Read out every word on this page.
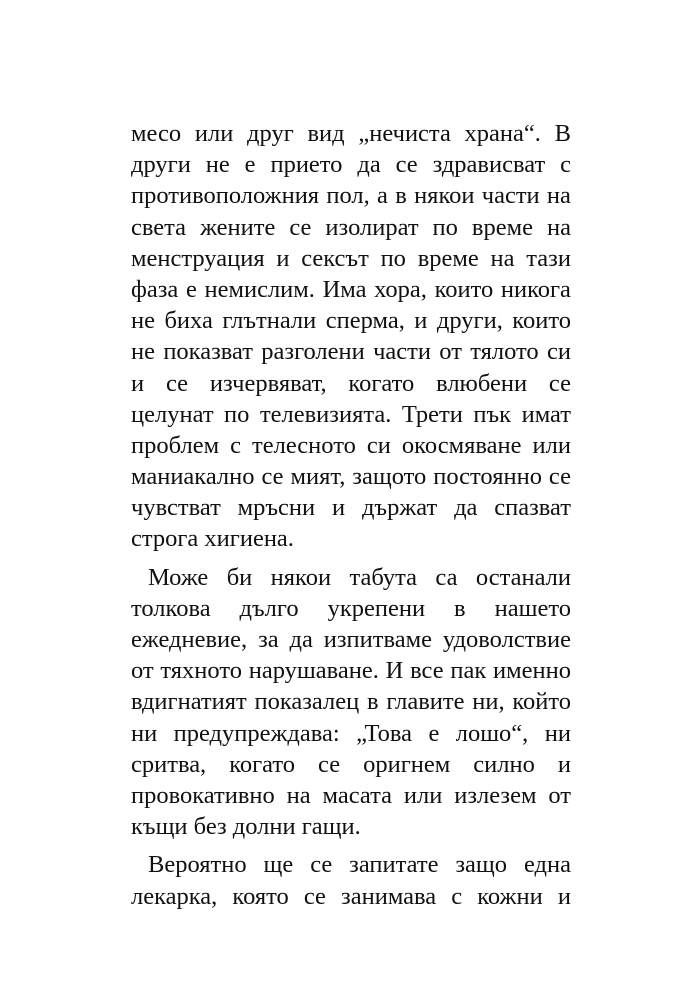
месо или друг вид „нечиста храна“. В
други не е прието да се здрависват с
противоположния пол, а в някои части на
света жените се изолират по време на
менструация и сексът по време на тази
фаза е немислим. Има хора, които никога
не биха глътнали сперма, и други, които
не показват разголени части от тялото си
и се изчервяват, когато влюбени се
целунат по телевизията. Трети пък имат
проблем с телесното си окосмяване или
маниакално се мият, защото постоянно се
чувстват мръсни и държат да спазват
строга хигиена.
Може би някои табута са останали
толкова дълго укрепени в нашето
ежедневие, за да изпитваме удоволствие
от тяхното нарушаване. И все пак именно
вдигнатият показалец в главите ни, който
ни предупреждава: „Това е лошо“, ни
сритва, когато се оригнем силно и
провокативно на масата или излезем от
къщи без долни гащи.
Вероятно ще се запитате защо една
лекарка, която се занимава с кожни и
